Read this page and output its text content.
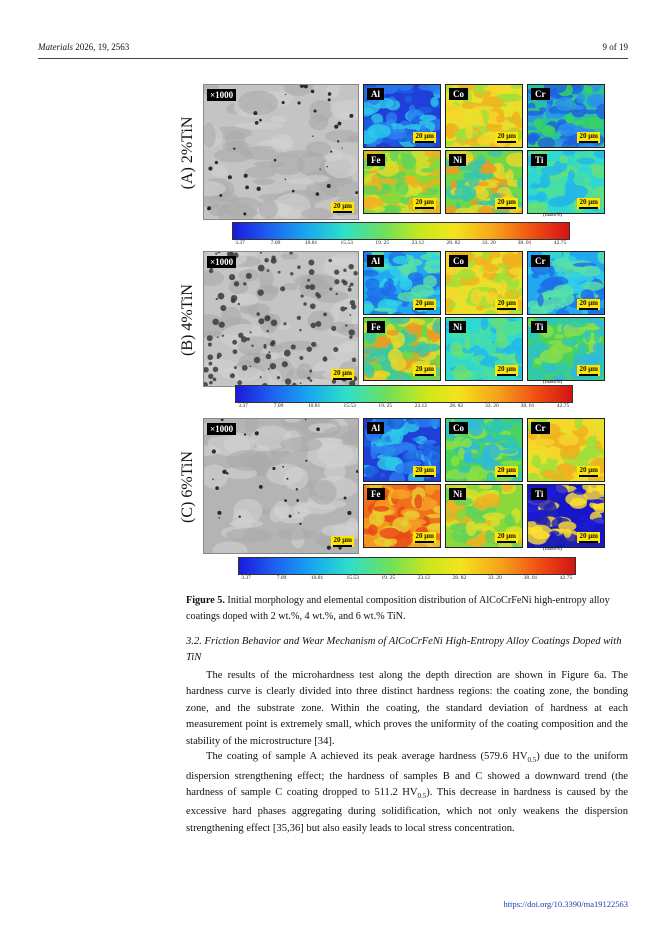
Materials 2026, 19, 2563	9 of 19
(A) 2%TiN
×1000
20 μm
Al
20 μm
Co
20 μm
Cr
20 μm
Fe
20 μm
Ni
20 μm
Ti
20 μm
(mass%)
3.37	7.09	10.81	15.53	19. 25	23.12	28. 82	33. 20	38. 01	42.75
(B) 4%TiN
×1000
20 μm
Al
20 μm
Co
20 μm
Cr
20 μm
Fe
20 μm
Ni
20 μm
Ti
20 μm
(mass%)
3.37	7.09	10.81	15.53	19. 25	23.12	28. 82	33. 20	38. 01	42.75
(C) 6%TiN
×1000
20 μm
Al
20 μm
Co
20 μm
Cr
20 μm
Fe
20 μm
Ni
20 μm
Ti
20 μm
(mass%)
3.37	7.09	10.81	15.53	19. 25	23.12	28. 82	33. 20	38. 01	42.75
Figure 5. Initial morphology and elemental composition distribution of AlCoCrFeNi high-entropy alloy coatings doped with 2 wt.%, 4 wt.%, and 6 wt.% TiN.
3.2. Friction Behavior and Wear Mechanism of AlCoCrFeNi High-Entropy Alloy Coatings Doped with TiN
The results of the microhardness test along the depth direction are shown in Figure 6a. The hardness curve is clearly divided into three distinct hardness regions: the coating zone, the bonding zone, and the substrate zone. Within the coating, the standard deviation of hardness at each measurement point is extremely small, which proves the uniformity of the coating composition and the stability of the microstructure [34].
The coating of sample A achieved its peak average hardness (579.6 $HV_{0.5}$) due to the uniform dispersion strengthening effect; the hardness of samples B and C showed a downward trend (the hardness of sample C coating dropped to 511.2 $HV_{0.5}$). This decrease in hardness is caused by the excessive hard phases aggregating during solidification, which not only weakens the dispersion strengthening effect [35,36] but also easily leads to local stress concentration.
https://doi.org/10.3390/ma19122563
